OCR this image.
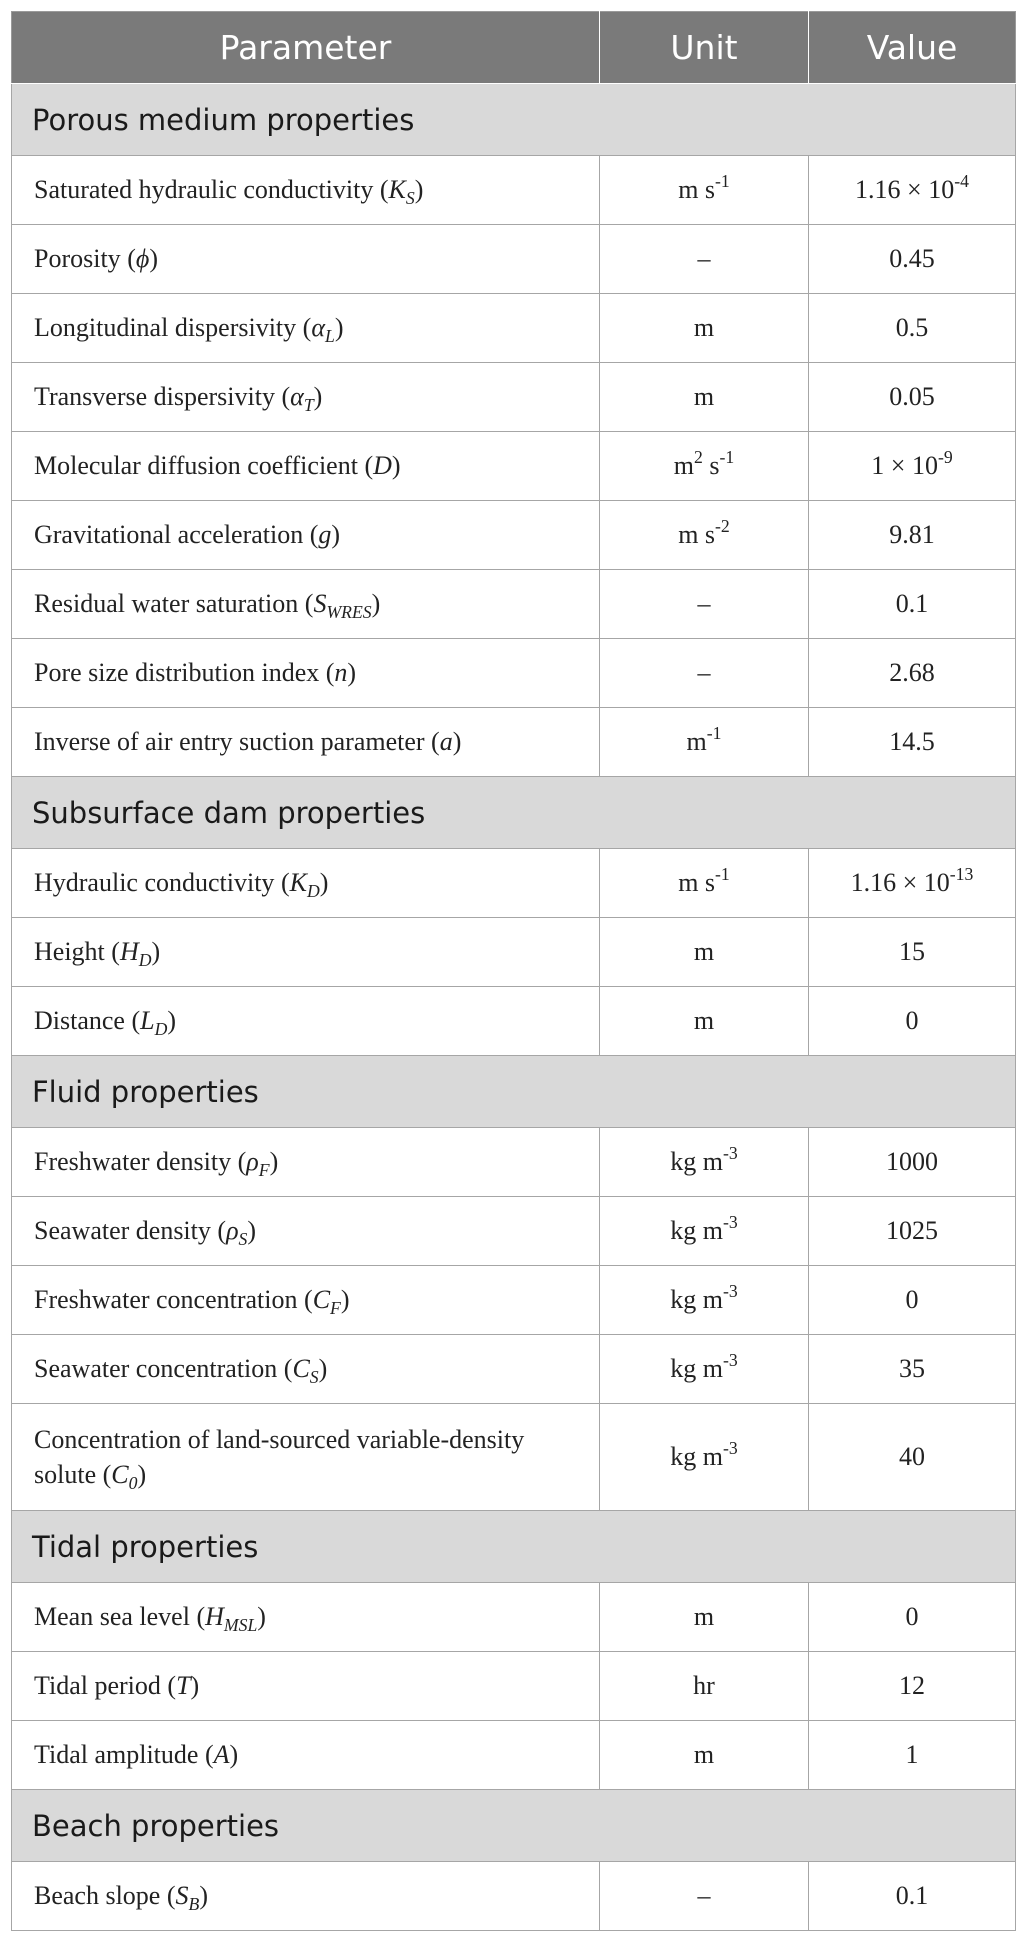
Parameter	Unit	Value
Porous medium properties		
Saturated hydraulic conductivity $(K_S)$	m $s^{-1}$	$1.16 \times 10^{-4}$
Porosity (ϕ)	–	0.45
Longitudinal dispersivity $(\alpha_L)$	m	0.5
Transverse dispersivity $(\alpha_T)$	m	0.05
Molecular diffusion coefficient (D)	$m^2$ $s^{-1}$	$1 \times 10^{-9}$
Gravitational acceleration (g)	m $s^{-2}$	9.81
Residual water saturation $(S_{WRES})$	–	0.1
Pore size distribution index (n)	–	2.68
Inverse of air entry suction parameter (a)	$m^{-1}$	14.5
Subsurface dam properties		
Hydraulic conductivity $(K_D)$	m $s^{-1}$	$1.16 \times 10^{-13}$
Height $(H_D)$	m	15
Distance $(L_D)$	m	0
Fluid properties		
Freshwater density $(\rho_F)$	kg $m^{-3}$	1000
Seawater density $(\rho_S)$	kg $m^{-3}$	1025
Freshwater concentration $(C_F)$	kg $m^{-3}$	0
Seawater concentration $(C_S)$	kg $m^{-3}$	35
Concentration of land-sourced variable-density solute $(C_0)$	kg $m^{-3}$	40
Tidal properties		
Mean sea level $(H_{MSL})$	m	0
Tidal period (T)	hr	12
Tidal amplitude (A)	m	1
Beach properties		
Beach slope $(S_B)$	–	0.1
